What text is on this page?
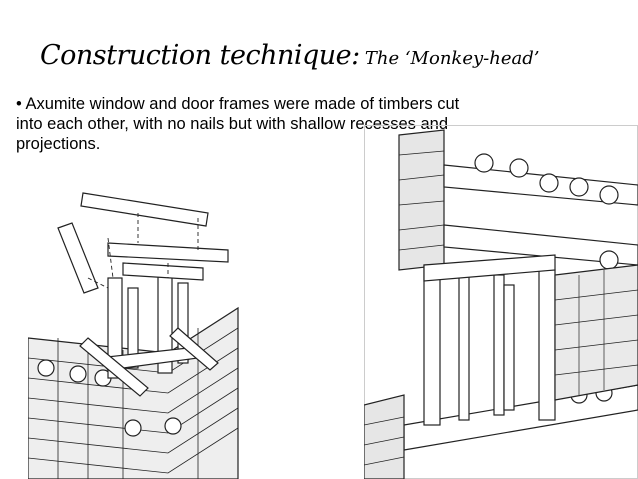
Construction technique: The ‘Monkey-head’
• Axumite window and door frames were made of timbers cut into each other, with no nails but with shallow recesses and projections.
